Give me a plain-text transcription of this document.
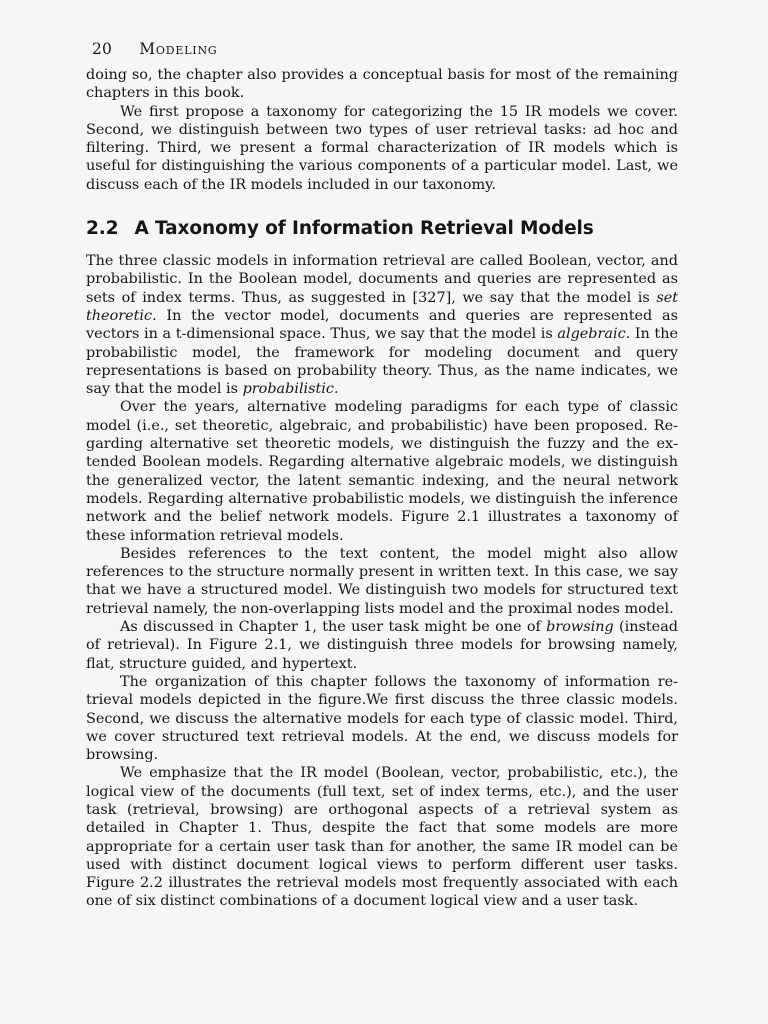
20 Modeling

doing so, the chapter also provides a conceptual basis for most of the remaining chapters in this book.

We first propose a taxonomy for categorizing the 15 IR models we cover. Second, we distinguish between two types of user retrieval tasks: ad hoc and filtering. Third, we present a formal characterization of IR models which is useful for distinguishing the various components of a particular model. Last, we discuss each of the IR models included in our taxonomy.

2.2 A Taxonomy of Information Retrieval Models

The three classic models in information retrieval are called Boolean, vector, and probabilistic. In the Boolean model, documents and queries are represented as sets of index terms. Thus, as suggested in [327], we say that the model is set theoretic. In the vector model, documents and queries are represented as vectors in a t-dimensional space. Thus, we say that the model is algebraic. In the probabilistic model, the framework for modeling document and query representations is based on probability theory. Thus, as the name indicates, we say that the model is probabilistic.

Over the years, alternative modeling paradigms for each type of classic model (i.e., set theoretic, algebraic, and probabilistic) have been proposed. Regarding alternative set theoretic models, we distinguish the fuzzy and the extended Boolean models. Regarding alternative algebraic models, we distinguish the generalized vector, the latent semantic indexing, and the neural network models. Regarding alternative probabilistic models, we distinguish the inference network and the belief network models. Figure 2.1 illustrates a taxonomy of these information retrieval models.

Besides references to the text content, the model might also allow references to the structure normally present in written text. In this case, we say that we have a structured model. We distinguish two models for structured text retrieval namely, the non-overlapping lists model and the proximal nodes model.

As discussed in Chapter 1, the user task might be one of browsing (instead of retrieval). In Figure 2.1, we distinguish three models for browsing namely, flat, structure guided, and hypertext.

The organization of this chapter follows the taxonomy of information retrieval models depicted in the figure.We first discuss the three classic models. Second, we discuss the alternative models for each type of classic model. Third, we cover structured text retrieval models. At the end, we discuss models for browsing.

We emphasize that the IR model (Boolean, vector, probabilistic, etc.), the logical view of the documents (full text, set of index terms, etc.), and the user task (retrieval, browsing) are orthogonal aspects of a retrieval system as detailed in Chapter 1. Thus, despite the fact that some models are more appropriate for a certain user task than for another, the same IR model can be used with distinct document logical views to perform different user tasks. Figure 2.2 illustrates the retrieval models most frequently associated with each one of six distinct combinations of a document logical view and a user task.
